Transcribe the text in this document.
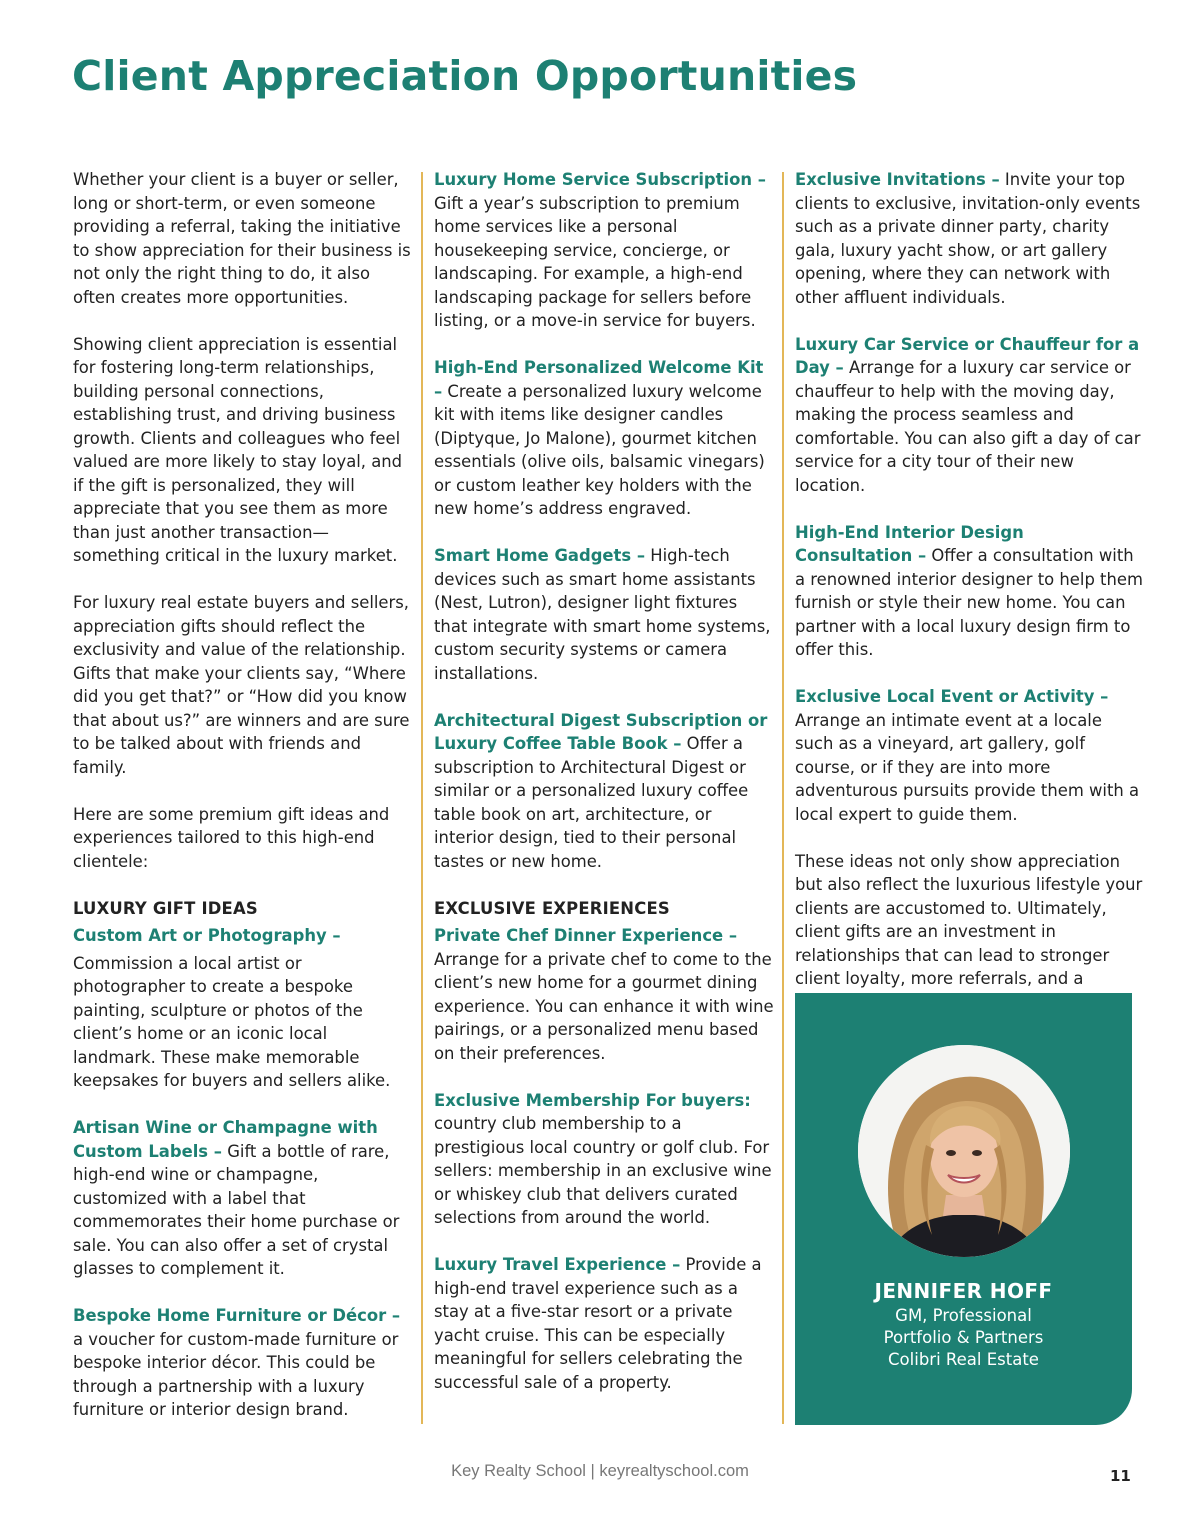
Client Appreciation Opportunities

Whether your client is a buyer or seller, long or short-term, or even someone providing a referral, taking the initiative to show appreciation for their business is not only the right thing to do, it also often creates more opportunities.

Showing client appreciation is essential for fostering long-term relationships, building personal connections, establishing trust, and driving business growth. Clients and colleagues who feel valued are more likely to stay loyal, and if the gift is personalized, they will appreciate that you see them as more than just another transaction—something critical in the luxury market.

For luxury real estate buyers and sellers, appreciation gifts should reflect the exclusivity and value of the relationship. Gifts that make your clients say, “Where did you get that?” or “How did you know that about us?” are winners and are sure to be talked about with friends and family.

Here are some premium gift ideas and experiences tailored to this high-end clientele:

LUXURY GIFT IDEAS
Custom Art or Photography –

Commission a local artist or photographer to create a bespoke painting, sculpture or photos of the client’s home or an iconic local landmark. These make memorable keepsakes for buyers and sellers alike.

Artisan Wine or Champagne with Custom Labels – Gift a bottle of rare, high-end wine or champagne, customized with a label that commemorates their home purchase or sale. You can also offer a set of crystal glasses to complement it.

Bespoke Home Furniture or Décor –

a voucher for custom-made furniture or bespoke interior décor. This could be through a partnership with a luxury furniture or interior design brand.

Luxury Home Service Subscription – Gift a year’s subscription to premium home services like a personal housekeeping service, concierge, or landscaping. For example, a high-end landscaping package for sellers before listing, or a move-in service for buyers.

High-End Personalized Welcome Kit – Create a personalized luxury welcome kit with items like designer candles (Diptyque, Jo Malone), gourmet kitchen essentials (olive oils, balsamic vinegars) or custom leather key holders with the new home’s address engraved.

Smart Home Gadgets – High-tech devices such as smart home assistants (Nest, Lutron), designer light fixtures that integrate with smart home systems, custom security systems or camera installations.

Architectural Digest Subscription or Luxury Coffee Table Book – Offer a subscription to Architectural Digest or similar or a personalized luxury coffee table book on art, architecture, or interior design, tied to their personal tastes or new home.

EXCLUSIVE EXPERIENCES

Private Chef Dinner Experience – Arrange for a private chef to come to the client’s new home for a gourmet dining experience. You can enhance it with wine pairings, or a personalized menu based on their preferences.

Exclusive Membership For buyers: country club membership to a prestigious local country or golf club. For sellers: membership in an exclusive wine or whiskey club that delivers curated selections from around the world.

Luxury Travel Experience – Provide a high-end travel experience such as a stay at a five-star resort or a private yacht cruise. This can be especially meaningful for sellers celebrating the successful sale of a property.

Exclusive Invitations – Invite your top clients to exclusive, invitation-only events such as a private dinner party, charity gala, luxury yacht show, or art gallery opening, where they can network with other affluent individuals.

Luxury Car Service or Chauffeur for a Day – Arrange for a luxury car service or chauffeur to help with the moving day, making the process seamless and comfortable. You can also gift a day of car service for a city tour of their new location.

High-End Interior Design Consultation – Offer a consultation with a renowned interior designer to help them furnish or style their new home. You can partner with a local luxury design firm to offer this.

Exclusive Local Event or Activity – Arrange an intimate event at a locale such as a vineyard, art gallery, golf course, or if they are into more adventurous pursuits provide them with a local expert to guide them.

These ideas not only show appreciation but also reflect the luxurious lifestyle your clients are accustomed to. Ultimately, client gifts are an investment in relationships that can lead to stronger client loyalty, more referrals, and a

JENNIFER HOFF
GM, Professional
Portfolio & Partners
Colibri Real Estate
Key Realty School | keyrealtyschool.com	11
